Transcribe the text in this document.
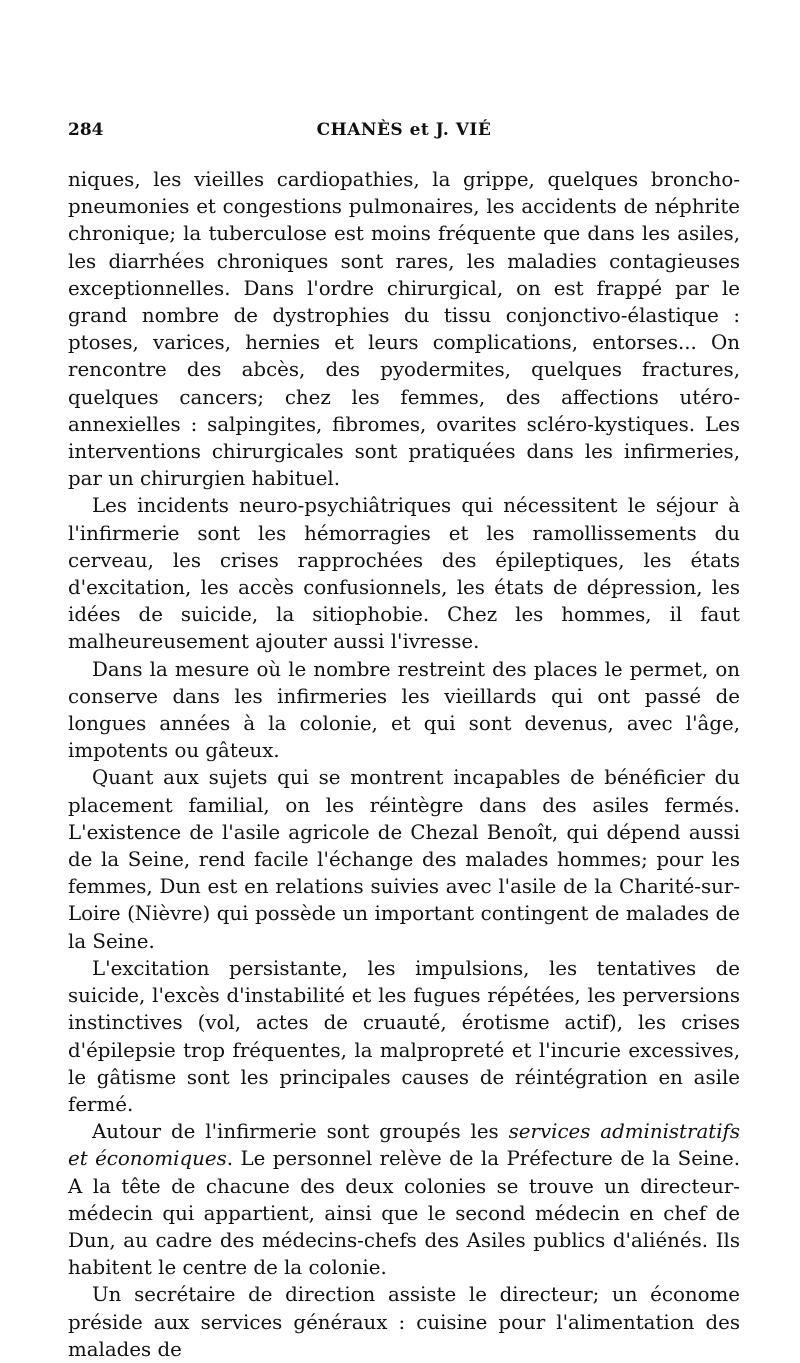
284	CHANÈS et J. VIÉ

niques, les vieilles cardiopathies, la grippe, quelques broncho-pneumonies et congestions pulmonaires, les accidents de néphrite chronique; la tuberculose est moins fréquente que dans les asiles, les diarrhées chroniques sont rares, les maladies contagieuses exceptionnelles. Dans l'ordre chirurgical, on est frappé par le grand nombre de dystrophies du tissu conjonctivo-élastique : ptoses, varices, hernies et leurs complications, entorses... On rencontre des abcès, des pyodermites, quelques fractures, quelques cancers; chez les femmes, des affections utéro-annexielles : salpingites, fibromes, ovarites scléro-kystiques. Les interventions chirurgicales sont pratiquées dans les infirmeries, par un chirurgien habituel.

Les incidents neuro-psychiâtriques qui nécessitent le séjour à l'infirmerie sont les hémorragies et les ramollissements du cerveau, les crises rapprochées des épileptiques, les états d'excitation, les accès confusionnels, les états de dépression, les idées de suicide, la sitiophobie. Chez les hommes, il faut malheureusement ajouter aussi l'ivresse.

Dans la mesure où le nombre restreint des places le permet, on conserve dans les infirmeries les vieillards qui ont passé de longues années à la colonie, et qui sont devenus, avec l'âge, impotents ou gâteux.

Quant aux sujets qui se montrent incapables de bénéficier du placement familial, on les réintègre dans des asiles fermés. L'existence de l'asile agricole de Chezal Benoît, qui dépend aussi de la Seine, rend facile l'échange des malades hommes; pour les femmes, Dun est en relations suivies avec l'asile de la Charité-sur-Loire (Nièvre) qui possède un important contingent de malades de la Seine.

L'excitation persistante, les impulsions, les tentatives de suicide, l'excès d'instabilité et les fugues répétées, les perversions instinctives (vol, actes de cruauté, érotisme actif), les crises d'épilepsie trop fréquentes, la malpropreté et l'incurie excessives, le gâtisme sont les principales causes de réintégration en asile fermé.

Autour de l'infirmerie sont groupés les services administratifs et économiques. Le personnel relève de la Préfecture de la Seine. A la tête de chacune des deux colonies se trouve un directeur-médecin qui appartient, ainsi que le second médecin en chef de Dun, au cadre des médecins-chefs des Asiles publics d'aliénés. Ils habitent le centre de la colonie.

Un secrétaire de direction assiste le directeur; un économe préside aux services généraux : cuisine pour l'alimentation des malades de
